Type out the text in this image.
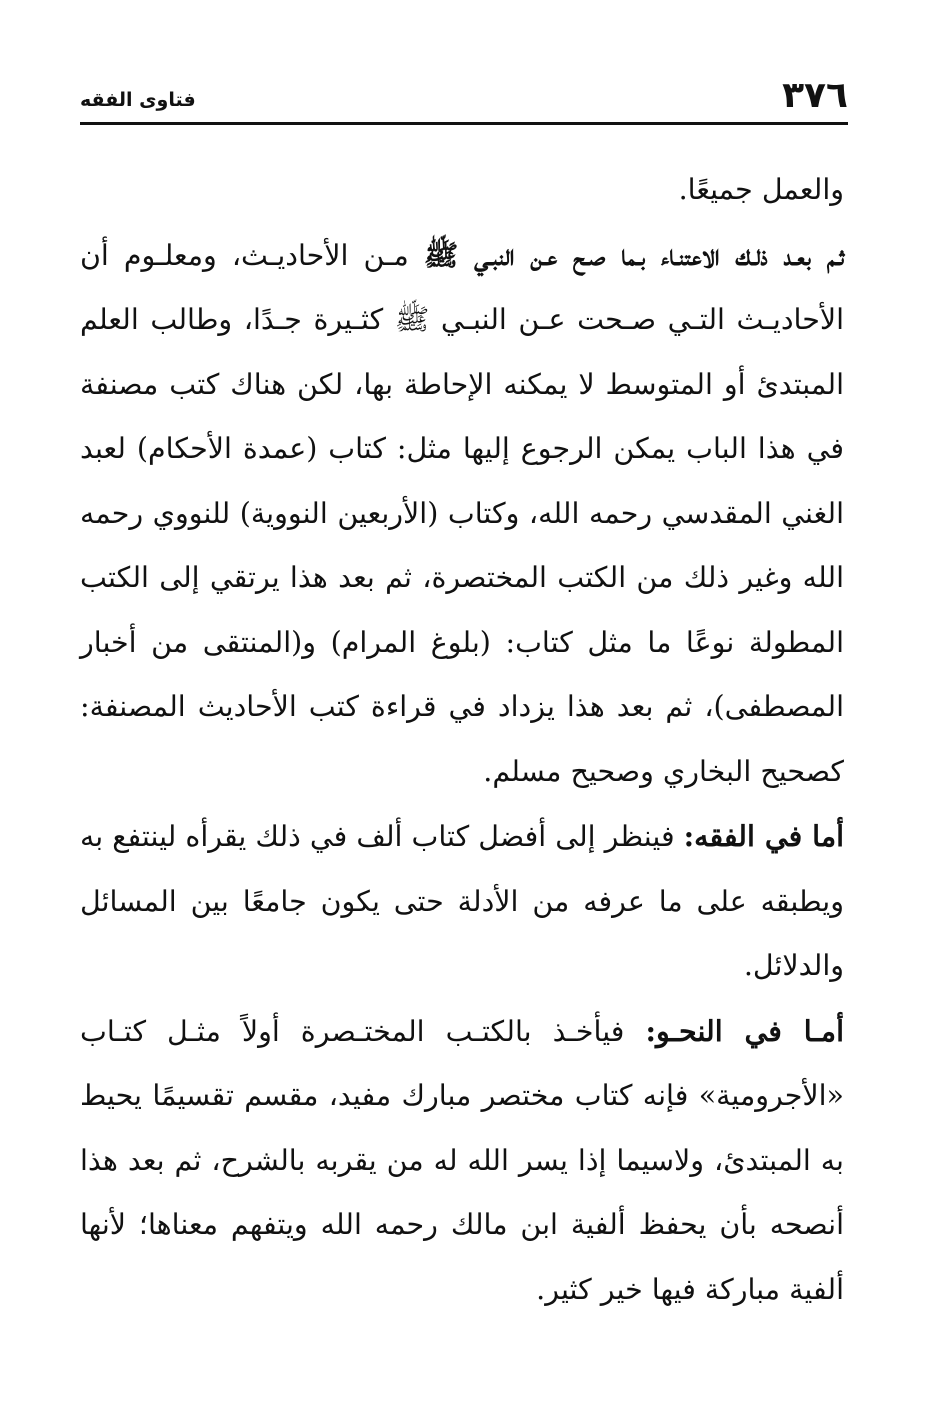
٣٧٦
فتاوى الفقه

والعمل جميعًا.

ثـم بعـد ذلـك الاعتنـاء بـما صـح عـن النبـي ﷺ مـن الأحاديـث، ومعلـوم أن الأحاديـث التـي صـحت عـن النبـي ﷺ كثـيرة جـدًا، وطالب العلم المبتدئ أو المتوسط لا يمكنه الإحاطة بها، لكن هناك كتب مصنفة في هذا الباب يمكن الرجوع إليها مثل: كتاب (عمدة الأحكام) لعبد الغني المقدسي رحمه الله، وكتاب (الأربعين النووية) للنووي رحمه الله وغير ذلك من الكتب المختصرة، ثم بعد هذا يرتقي إلى الكتب المطولة نوعًا ما مثل كتاب: (بلوغ المرام) و(المنتقى من أخبار المصطفى)، ثم بعد هذا يزداد في قراءة كتب الأحاديث المصنفة: كصحيح البخاري وصحيح مسلم.

أما في الفقه: فينظر إلى أفضل كتاب ألف في ذلك يقرأه لينتفع به ويطبقه على ما عرفه من الأدلة حتى يكون جامعًا بين المسائل والدلائل.

أمـا في النحـو: فيأخـذ بالكتـب المختـصرة أولاً مثـل كتـاب «الأجرومية» فإنه كتاب مختصر مبارك مفيد، مقسم تقسيمًا يحيط به المبتدئ، ولاسيما إذا يسر الله له من يقربه بالشرح، ثم بعد هذا أنصحه بأن يحفظ ألفية ابن مالك رحمه الله ويتفهم معناها؛ لأنها ألفية مباركة فيها خير كثير.
